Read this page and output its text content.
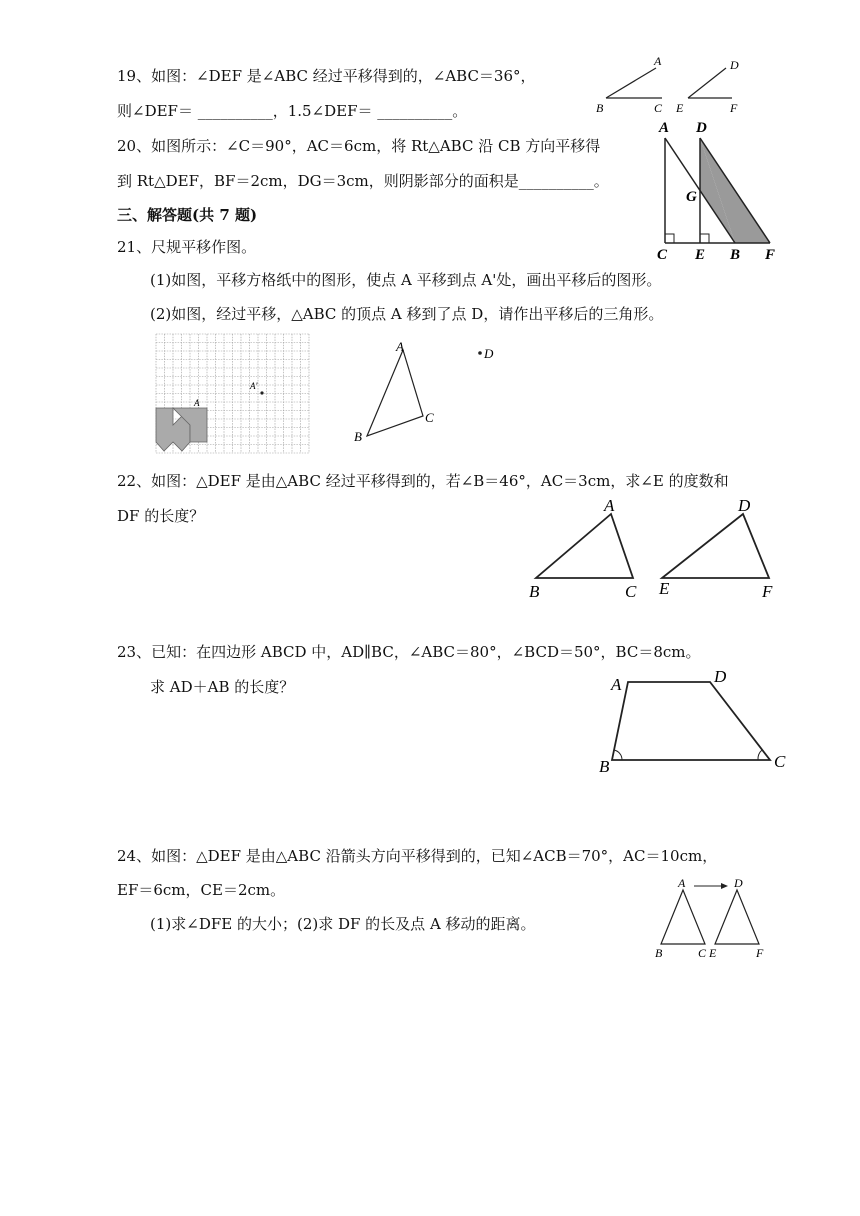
19、如图：∠DEF 是∠ABC 经过平移得到的，∠ABC＝36°，
则∠DEF＝ __________，1.5∠DEF＝ __________。
A
B	C
D
E	F
20、如图所示：∠C＝90°，AC＝6cm，将 Rt△ABC 沿 CB 方向平移得
到 Rt△DEF，BF＝2cm，DG＝3cm，则阴影部分的面积是__________。
A D
G
C E B F
三、解答题(共 7 题)
21、尺规平移作图。
(1)如图，平移方格纸中的图形，使点 A 平移到点 A'处，画出平移后的图形。
(2)如图，经过平移，△ABC 的顶点 A 移到了点 D，请作出平移后的三角形。
A
A'
A
B
C
D
22、如图：△DEF 是由△ABC 经过平移得到的，若∠B＝46°，AC＝3cm，求∠E 的度数和
DF 的长度？
A
B	C
D
E	F
23、已知：在四边形 ABCD 中，AD∥BC，∠ABC＝80°，∠BCD＝50°，BC＝8cm。
求 AD＋AB 的长度？	A	D
B	C
24、如图：△DEF 是由△ABC 沿箭头方向平移得到的，已知∠ACB＝70°，AC＝10cm，
EF＝6cm，CE＝2cm。
(1)求∠DFE 的大小；(2)求 DF 的长及点 A 移动的距离。
A	D
B	C E	F
